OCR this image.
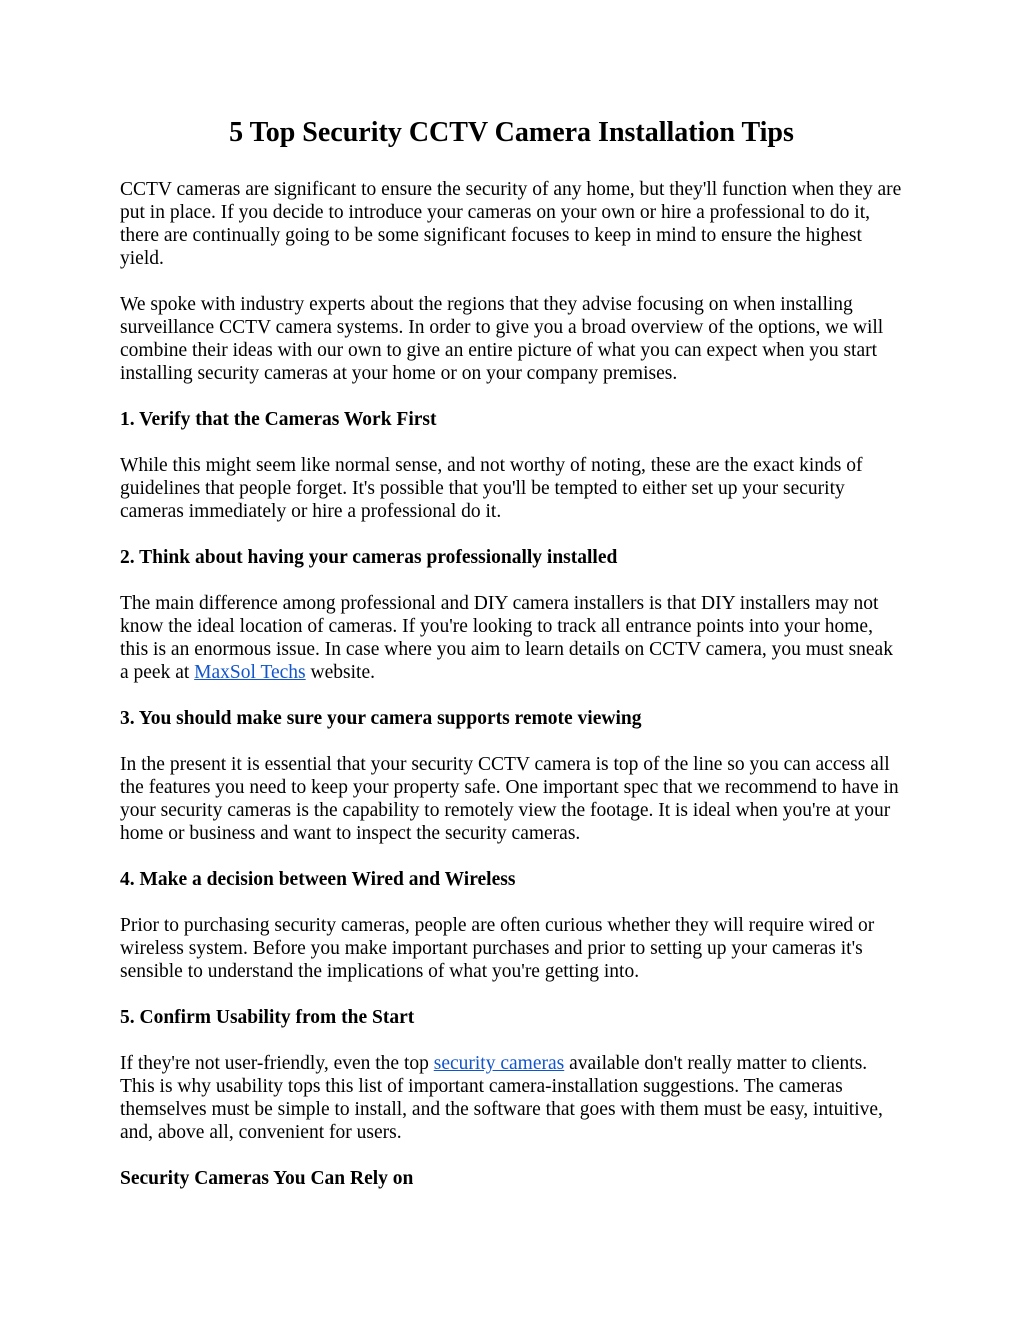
5 Top Security CCTV Camera Installation Tips

CCTV cameras are significant to ensure the security of any home, but they'll function when they are put in place. If you decide to introduce your cameras on your own or hire a professional to do it, there are continually going to be some significant focuses to keep in mind to ensure the highest yield.

We spoke with industry experts about the regions that they advise focusing on when installing surveillance CCTV camera systems. In order to give you a broad overview of the options, we will combine their ideas with our own to give an entire picture of what you can expect when you start installing security cameras at your home or on your company premises.

1. Verify that the Cameras Work First

While this might seem like normal sense, and not worthy of noting, these are the exact kinds of guidelines that people forget. It's possible that you'll be tempted to either set up your security cameras immediately or hire a professional do it.

2. Think about having your cameras professionally installed

The main difference among professional and DIY camera installers is that DIY installers may not know the ideal location of cameras. If you're looking to track all entrance points into your home, this is an enormous issue. In case where you aim to learn details on CCTV camera, you must sneak a peek at MaxSol Techs website.

3. You should make sure your camera supports remote viewing

In the present it is essential that your security CCTV camera is top of the line so you can access all the features you need to keep your property safe. One important spec that we recommend to have in your security cameras is the capability to remotely view the footage. It is ideal when you're at your home or business and want to inspect the security cameras.

4. Make a decision between Wired and Wireless

Prior to purchasing security cameras, people are often curious whether they will require wired or wireless system. Before you make important purchases and prior to setting up your cameras it's sensible to understand the implications of what you're getting into.

5. Confirm Usability from the Start

If they're not user-friendly, even the top security cameras available don't really matter to clients. This is why usability tops this list of important camera-installation suggestions. The cameras themselves must be simple to install, and the software that goes with them must be easy, intuitive, and, above all, convenient for users.

Security Cameras You Can Rely on
